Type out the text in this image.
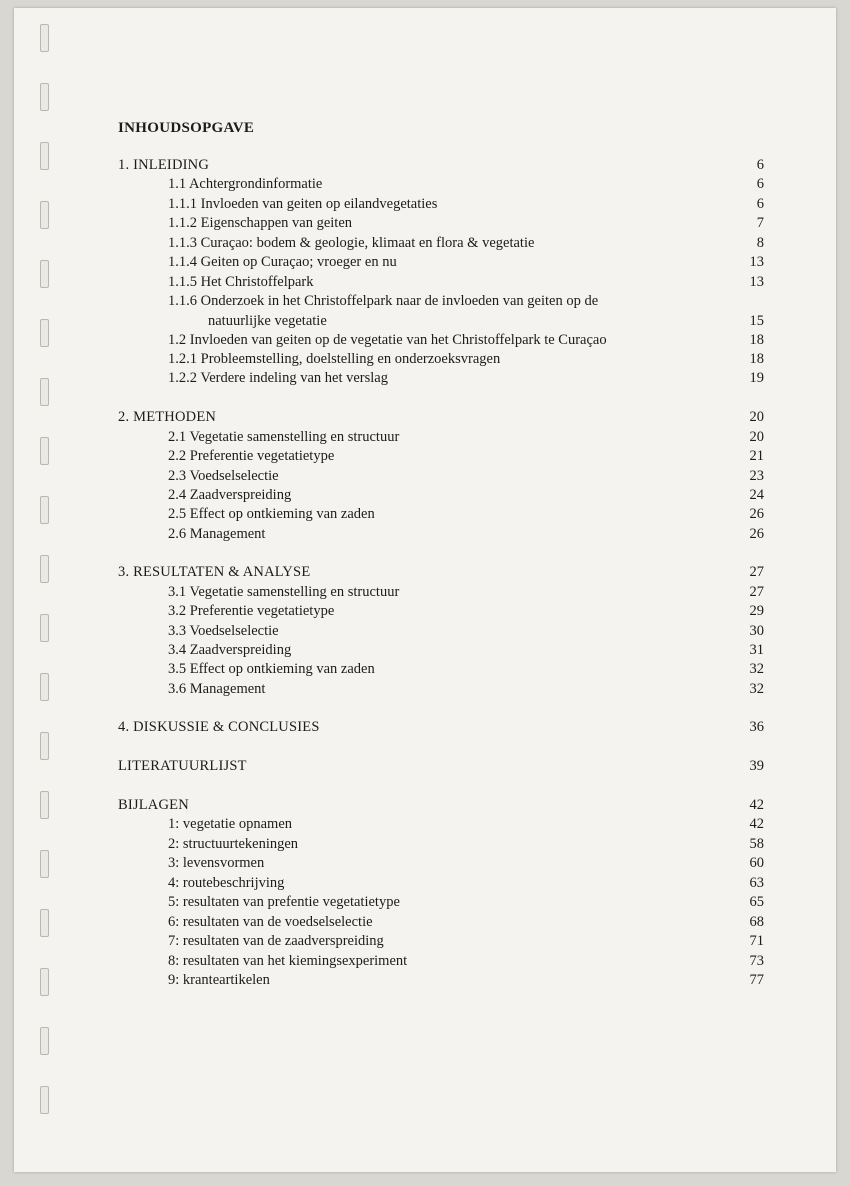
INHOUDSOPGAVE
1. INLEIDING	6
1.1 Achtergrondinformatie	6
1.1.1 Invloeden van geiten op eilandvegetaties	6
1.1.2 Eigenschappen van geiten	7
1.1.3 Curaçao: bodem & geologie, klimaat en flora & vegetatie	8
1.1.4 Geiten op Curaçao; vroeger en nu	13
1.1.5 Het Christoffelpark	13
1.1.6 Onderzoek in het Christoffelpark naar de invloeden van geiten op de
natuurlijke vegetatie	15
1.2 Invloeden van geiten op de vegetatie van het Christoffelpark te Curaçao	18
1.2.1 Probleemstelling, doelstelling en onderzoeksvragen	18
1.2.2 Verdere indeling van het verslag	19
2. METHODEN	20
2.1 Vegetatie samenstelling en structuur	20
2.2 Preferentie vegetatietype	21
2.3 Voedselselectie	23
2.4 Zaadverspreiding	24
2.5 Effect op ontkieming van zaden	26
2.6 Management	26
3. RESULTATEN & ANALYSE	27
3.1 Vegetatie samenstelling en structuur	27
3.2 Preferentie vegetatietype	29
3.3 Voedselselectie	30
3.4 Zaadverspreiding	31
3.5 Effect op ontkieming van zaden	32
3.6 Management	32
4. DISKUSSIE & CONCLUSIES	36
LITERATUURLIJST	39
BIJLAGEN	42
1: vegetatie opnamen	42
2: structuurtekeningen	58
3: levensvormen	60
4: routebeschrijving	63
5: resultaten van prefentie vegetatietype	65
6: resultaten van de voedselselectie	68
7: resultaten van de zaadverspreiding	71
8: resultaten van het kiemingsexperiment	73
9: kranteartikelen	77
